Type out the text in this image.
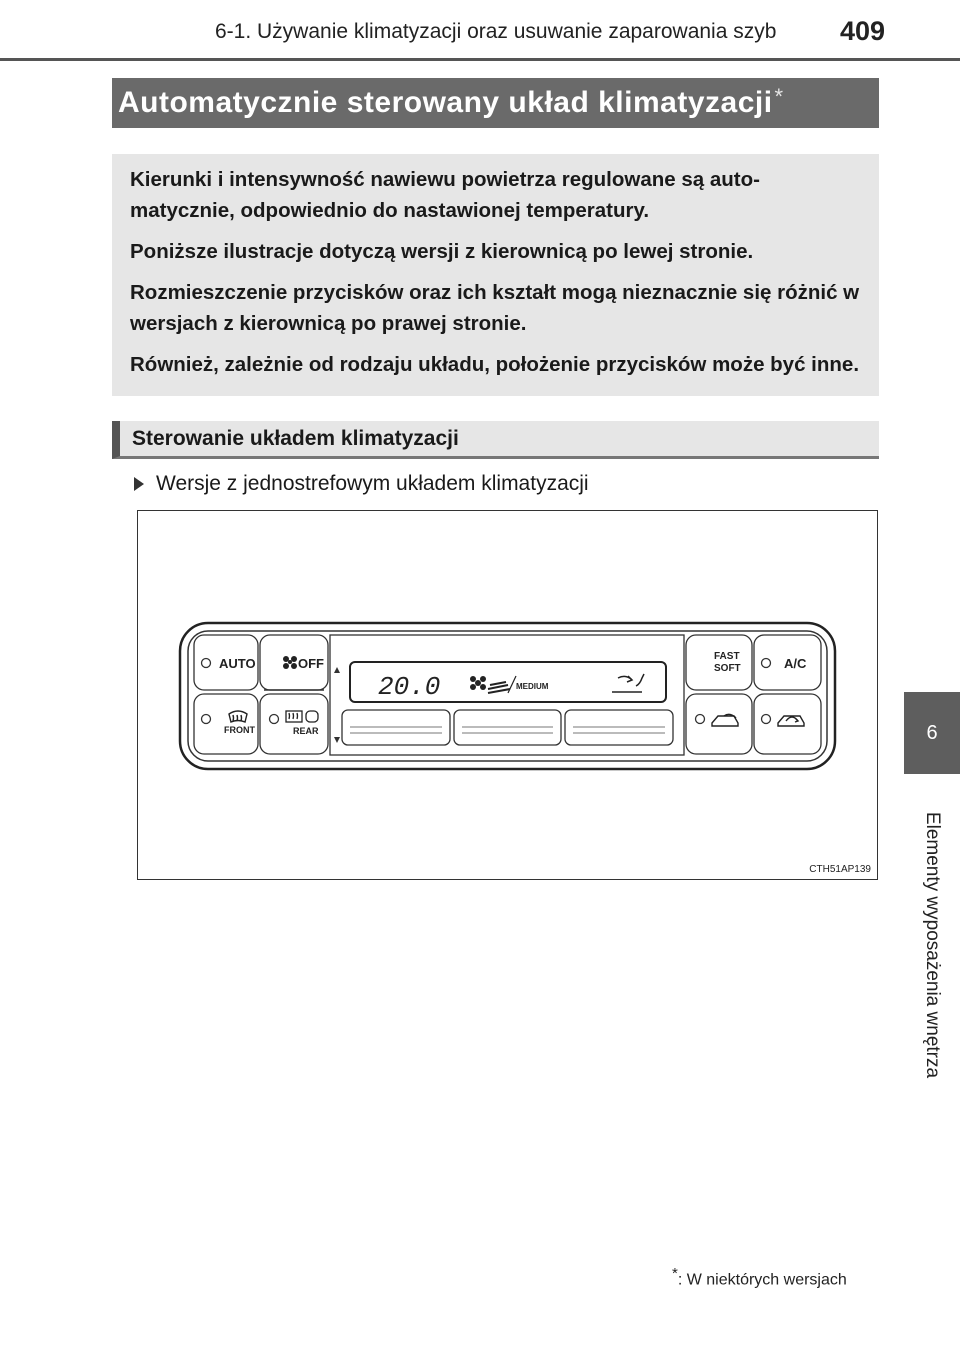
6-1. Używanie klimatyzacji oraz usuwanie zaparowania szyb 409
6
Elementy wyposażenia wnętrza
Automatycznie sterowany układ klimatyzacji *

Kierunki i intensywność nawiewu powietrza regulowane są auto-matycznie, odpowiednio do nastawionej temperatury.

Poniższe ilustracje dotyczą wersji z kierownicą po lewej stronie.

Rozmieszczenie przycisków oraz ich kształt mogą nieznacznie się różnić w wersjach z kierownicą po prawej stronie.

Również, zależnie od rodzaju układu, położenie przycisków może być inne.

Sterowanie układem klimatyzacji
Wersje z jednostrefowym układem klimatyzacji
AUTO	OFF	FAST
SOFT	A/C
FRONT	REAR
20.0	MEDIUM
CTH51AP139
*: W niektórych wersjach
